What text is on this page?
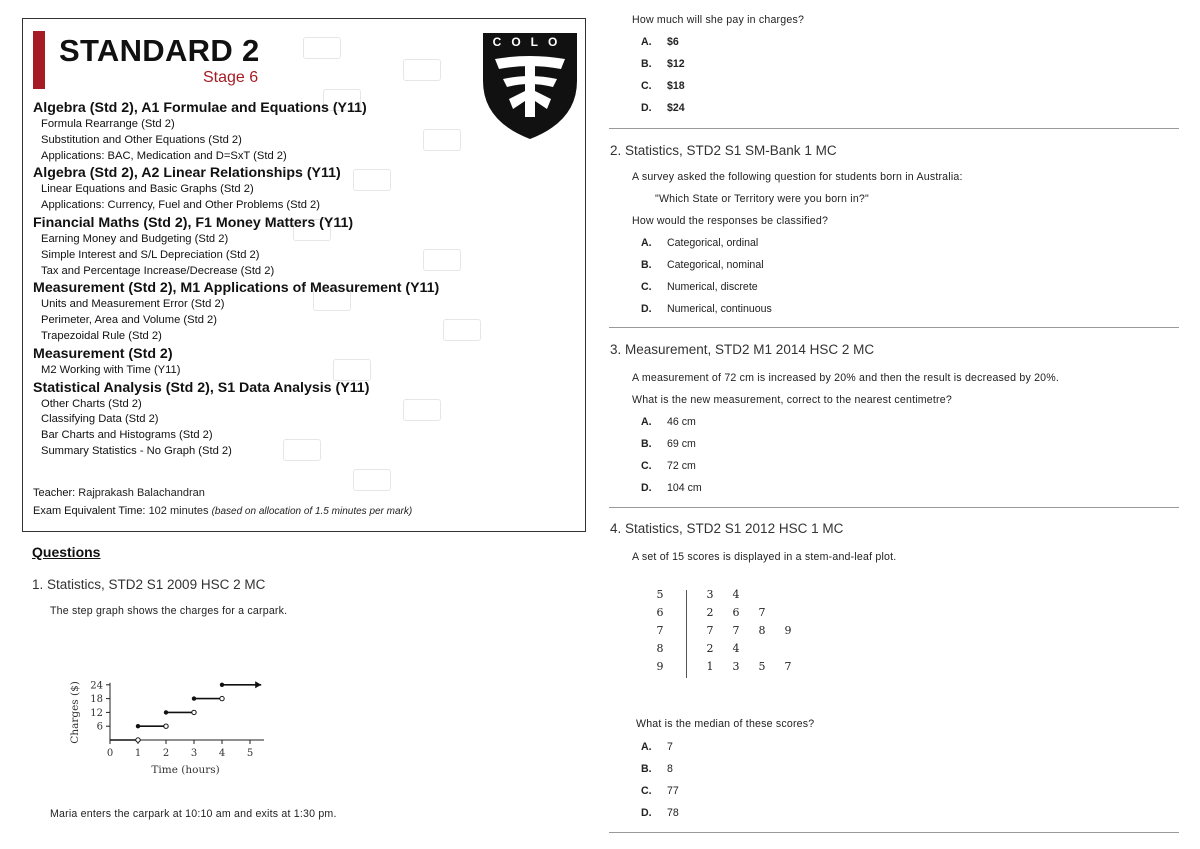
STANDARD 2
Stage 6
Algebra (Std 2), A1 Formulae and Equations (Y11)
Formula Rearrange (Std 2)
Substitution and Other Equations (Std 2)
Applications: BAC, Medication and D=SxT (Std 2)
Algebra (Std 2), A2 Linear Relationships (Y11)
Linear Equations and Basic Graphs (Std 2)
Applications: Currency, Fuel and Other Problems (Std 2)
Financial Maths (Std 2), F1 Money Matters (Y11)
Earning Money and Budgeting (Std 2)
Simple Interest and S/L Depreciation (Std 2)
Tax and Percentage Increase/Decrease (Std 2)
Measurement (Std 2), M1 Applications of Measurement (Y11)
Units and Measurement Error (Std 2)
Perimeter, Area and Volume (Std 2)
Trapezoidal Rule (Std 2)
Measurement (Std 2)
M2 Working with Time (Y11)
Statistical Analysis (Std 2), S1 Data Analysis (Y11)
Other Charts (Std 2)
Classifying Data (Std 2)
Bar Charts and Histograms (Std 2)
Summary Statistics - No Graph (Std 2)
Teacher: Rajprakash Balachandran
Exam Equivalent Time: 102 minutes (based on allocation of 1.5 minutes per mark)
COLO
Questions
1. Statistics, STD2 S1 2009 HSC 2 MC
The step graph shows the charges for a carpark.
0 1 2 3 4 5
6
12
18
24
Time (hours)
Charges ($)
Maria enters the carpark at 10:10 am and exits at 1:30 pm.
How much will she pay in charges?
A. $6
B. $12
C. $18
D. $24
2. Statistics, STD2 S1 SM-Bank 1 MC
A survey asked the following question for students born in Australia:
"Which State or Territory were you born in?"
How would the responses be classified?
A. Categorical, ordinal
B. Categorical, nominal
C. Numerical, discrete
D. Numerical, continuous
3. Measurement, STD2 M1 2014 HSC 2 MC
A measurement of 72 cm is increased by 20% and then the result is decreased by 20%.
What is the new measurement, correct to the nearest centimetre?
A. 46 cm
B. 69 cm
C. 72 cm
D. 104 cm
4. Statistics, STD2 S1 2012 HSC 1 MC
A set of 15 scores is displayed in a stem-and-leaf plot.
5	3	4
6	2	6	7
7	7	7	8	9
8	2	4
9	1	3	5	7
What is the median of these scores?
A. 7
B. 8
C. 77
D. 78
